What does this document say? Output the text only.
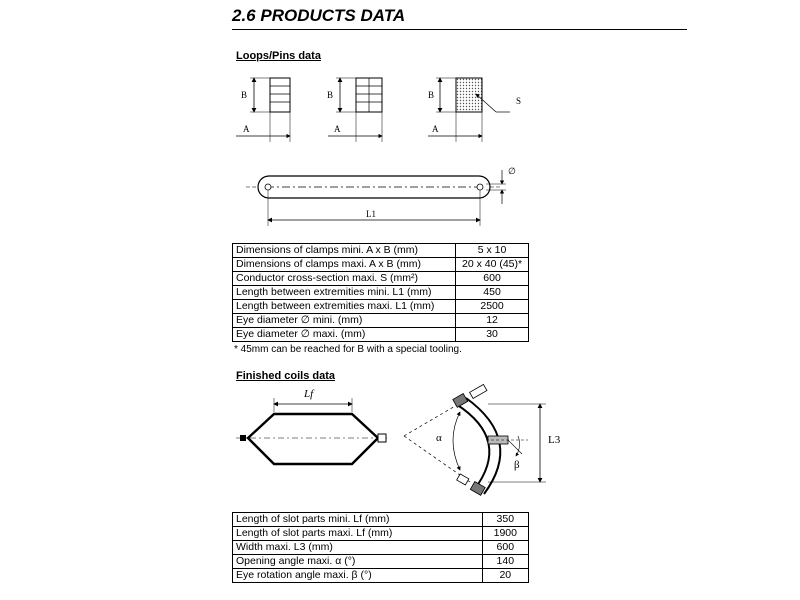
2.6 PRODUCTS DATA
Loops/Pins data
B
A
B
A
B
A
S
∅
L1
Dimensions of clamps mini. A x B (mm)	5 x 10
Dimensions of clamps maxi. A x B (mm)	20 x 40 (45)*
Conductor cross-section maxi. S (mm²)	600
Length between extremities mini. L1 (mm)	450
Length between extremities maxi. L1 (mm)	2500
Eye diameter ∅ mini. (mm)	12
Eye diameter ∅ maxi. (mm)	30
* 45mm can be reached for B with a special tooling.
Finished coils data
Lf
α
β
L3
Length of slot parts mini. Lf (mm)	350
Length of slot parts maxi. Lf (mm)	1900
Width maxi. L3 (mm)	600
Opening angle maxi. α (°)	140
Eye rotation angle maxi. β (°)	20
